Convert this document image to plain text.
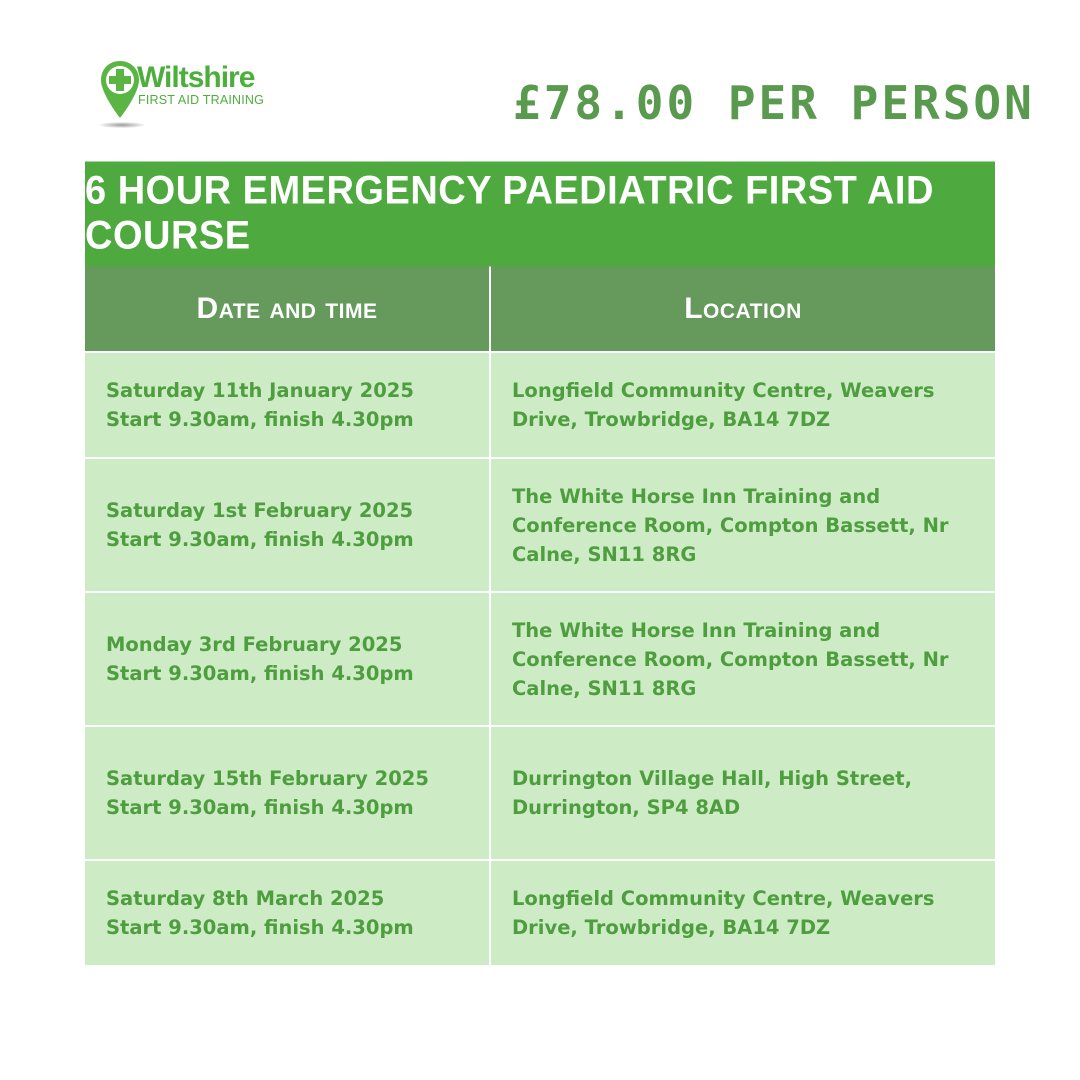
Wiltshire
FIRST AID TRAINING	£78.00 PER PERSON
6 HOUR EMERGENCY PAEDIATRIC FIRST AID COURSE
Date and time	Location
Saturday 11th January 2025
Start 9.30am, finish 4.30pm
Longfield Community Centre, Weavers
Drive, Trowbridge, BA14 7DZ
Saturday 1st February 2025
Start 9.30am, finish 4.30pm
The White Horse Inn Training and
Conference Room, Compton Bassett, Nr
Calne, SN11 8RG
Monday 3rd February 2025
Start 9.30am, finish 4.30pm
The White Horse Inn Training and
Conference Room, Compton Bassett, Nr
Calne, SN11 8RG
Saturday 15th February 2025
Start 9.30am, finish 4.30pm
Durrington Village Hall, High Street,
Durrington, SP4 8AD
Saturday 8th March 2025
Start 9.30am, finish 4.30pm
Longfield Community Centre, Weavers
Drive, Trowbridge, BA14 7DZ
